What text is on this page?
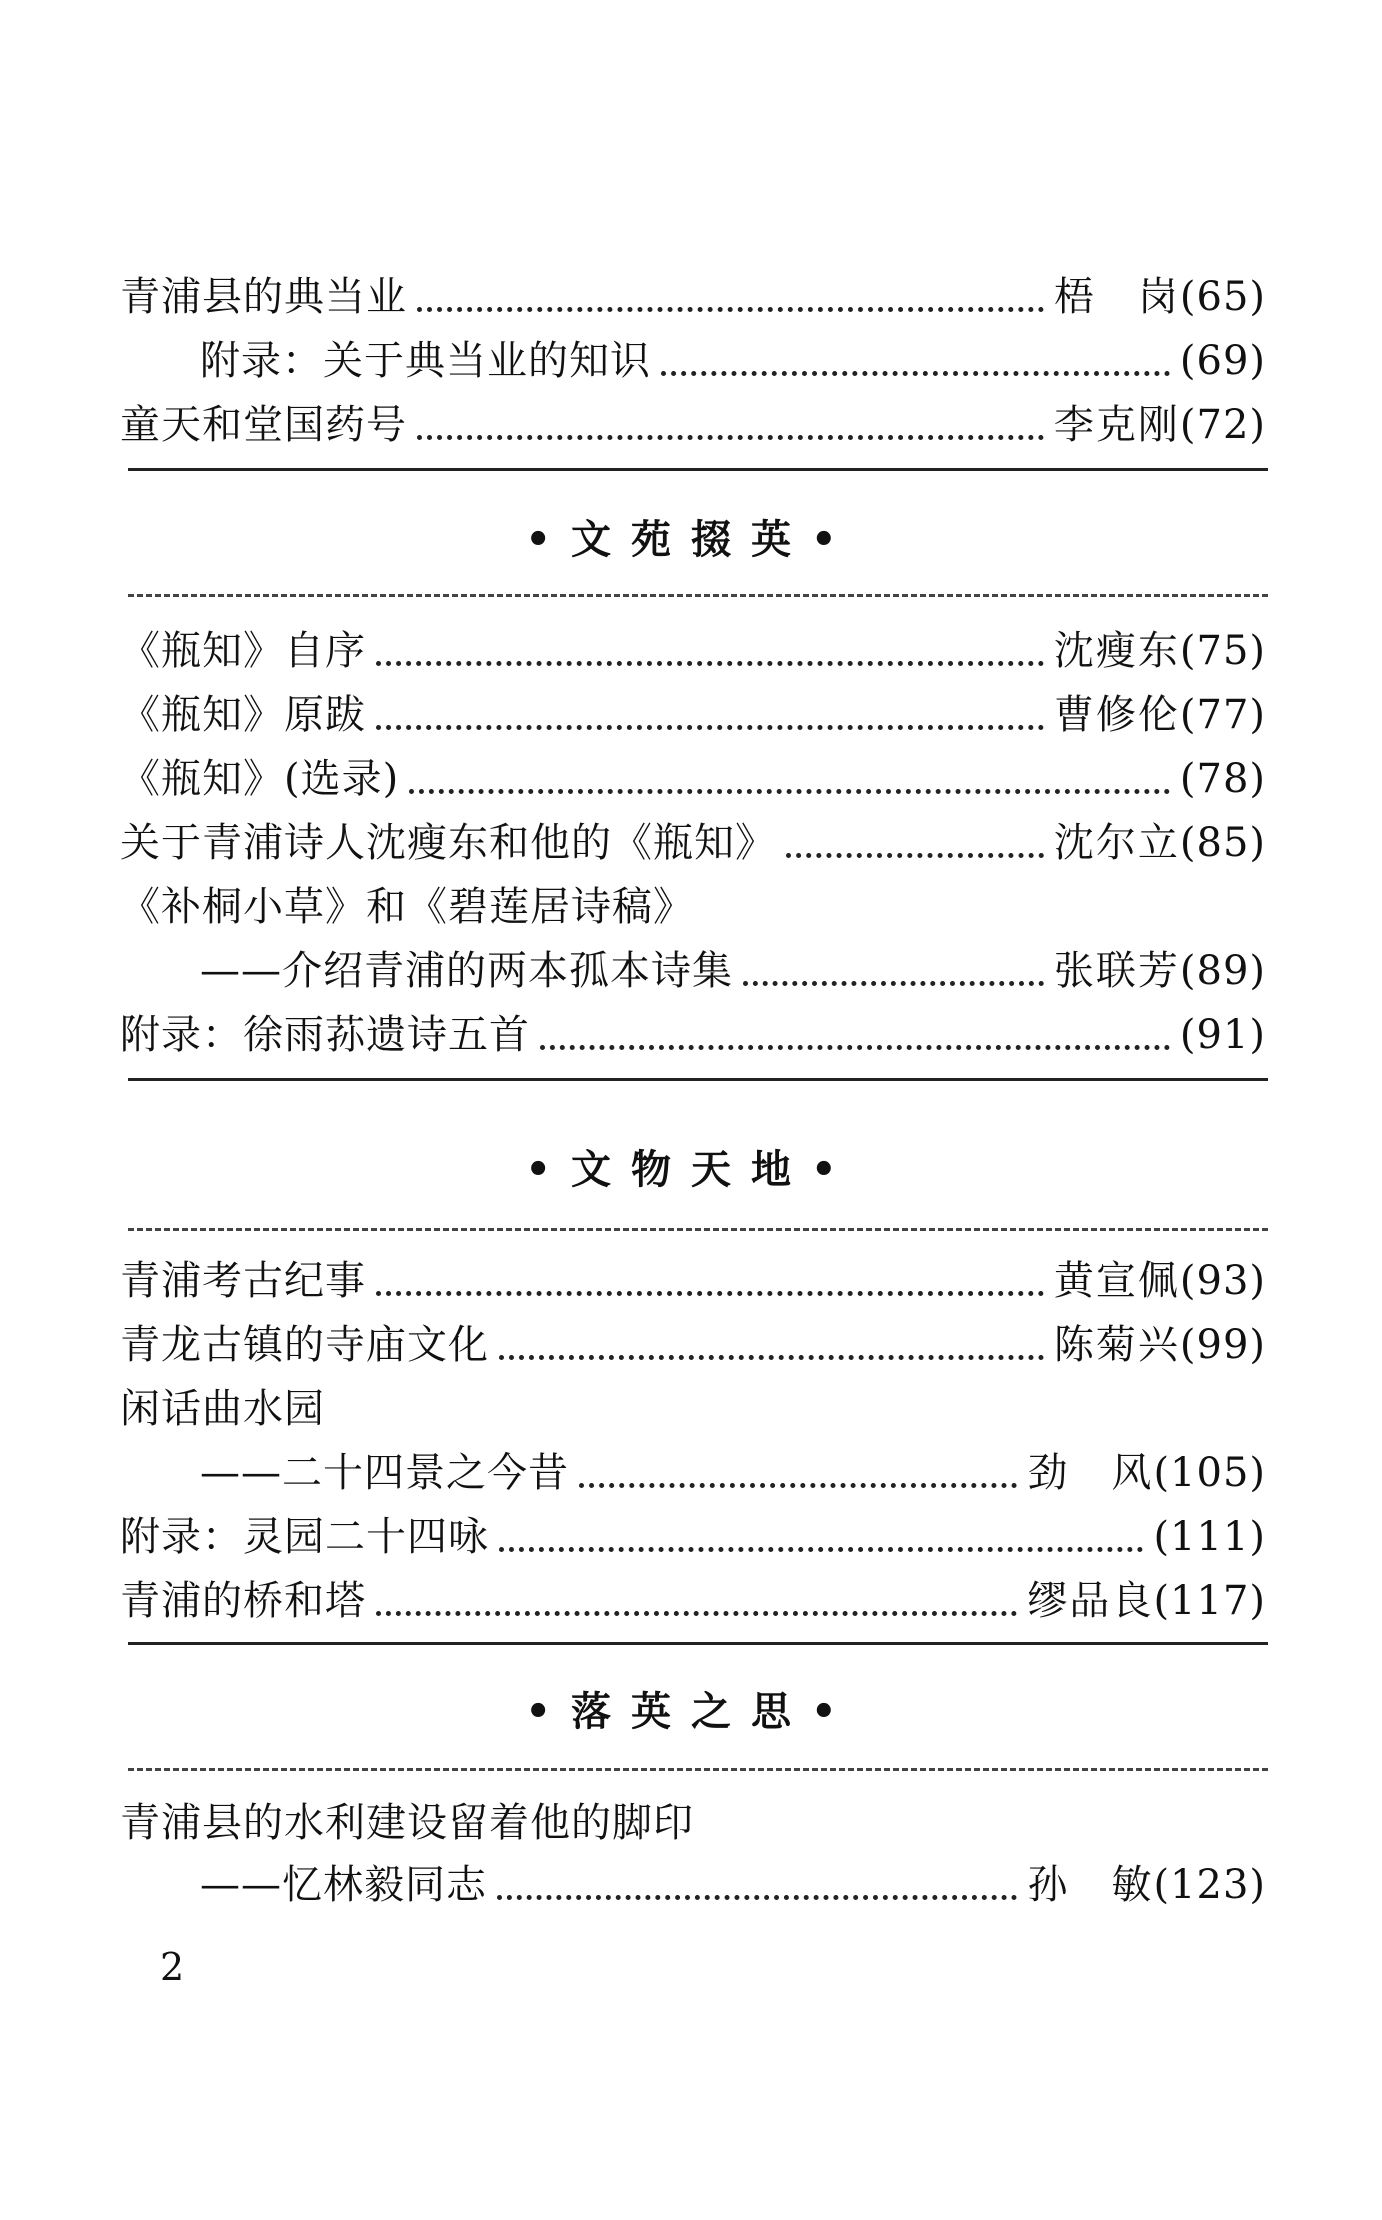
青浦县的典当业	梧　岗 (65)
附录：关于典当业的知识	(69)
童天和堂国药号	李克刚 (72)
•文苑掇英•
《瓶知》自序	沈瘦东 (75)
《瓶知》原跋	曹修伦 (77)
《瓶知》(选录)	(78)
关于青浦诗人沈瘦东和他的《瓶知》	沈尔立 (85)
《补桐小草》和《碧莲居诗稿》
——介绍青浦的两本孤本诗集	张联芳 (89)
附录：徐雨荪遗诗五首	(91)
•文物天地•
青浦考古纪事	黄宣佩 (93)
青龙古镇的寺庙文化	陈菊兴 (99)
闲话曲水园
——二十四景之今昔	劲　风 (105)
附录：灵园二十四咏	(111)
青浦的桥和塔	缪品良 (117)
•落英之思•
青浦县的水利建设留着他的脚印
——忆林毅同志	孙　敏 (123)
2
